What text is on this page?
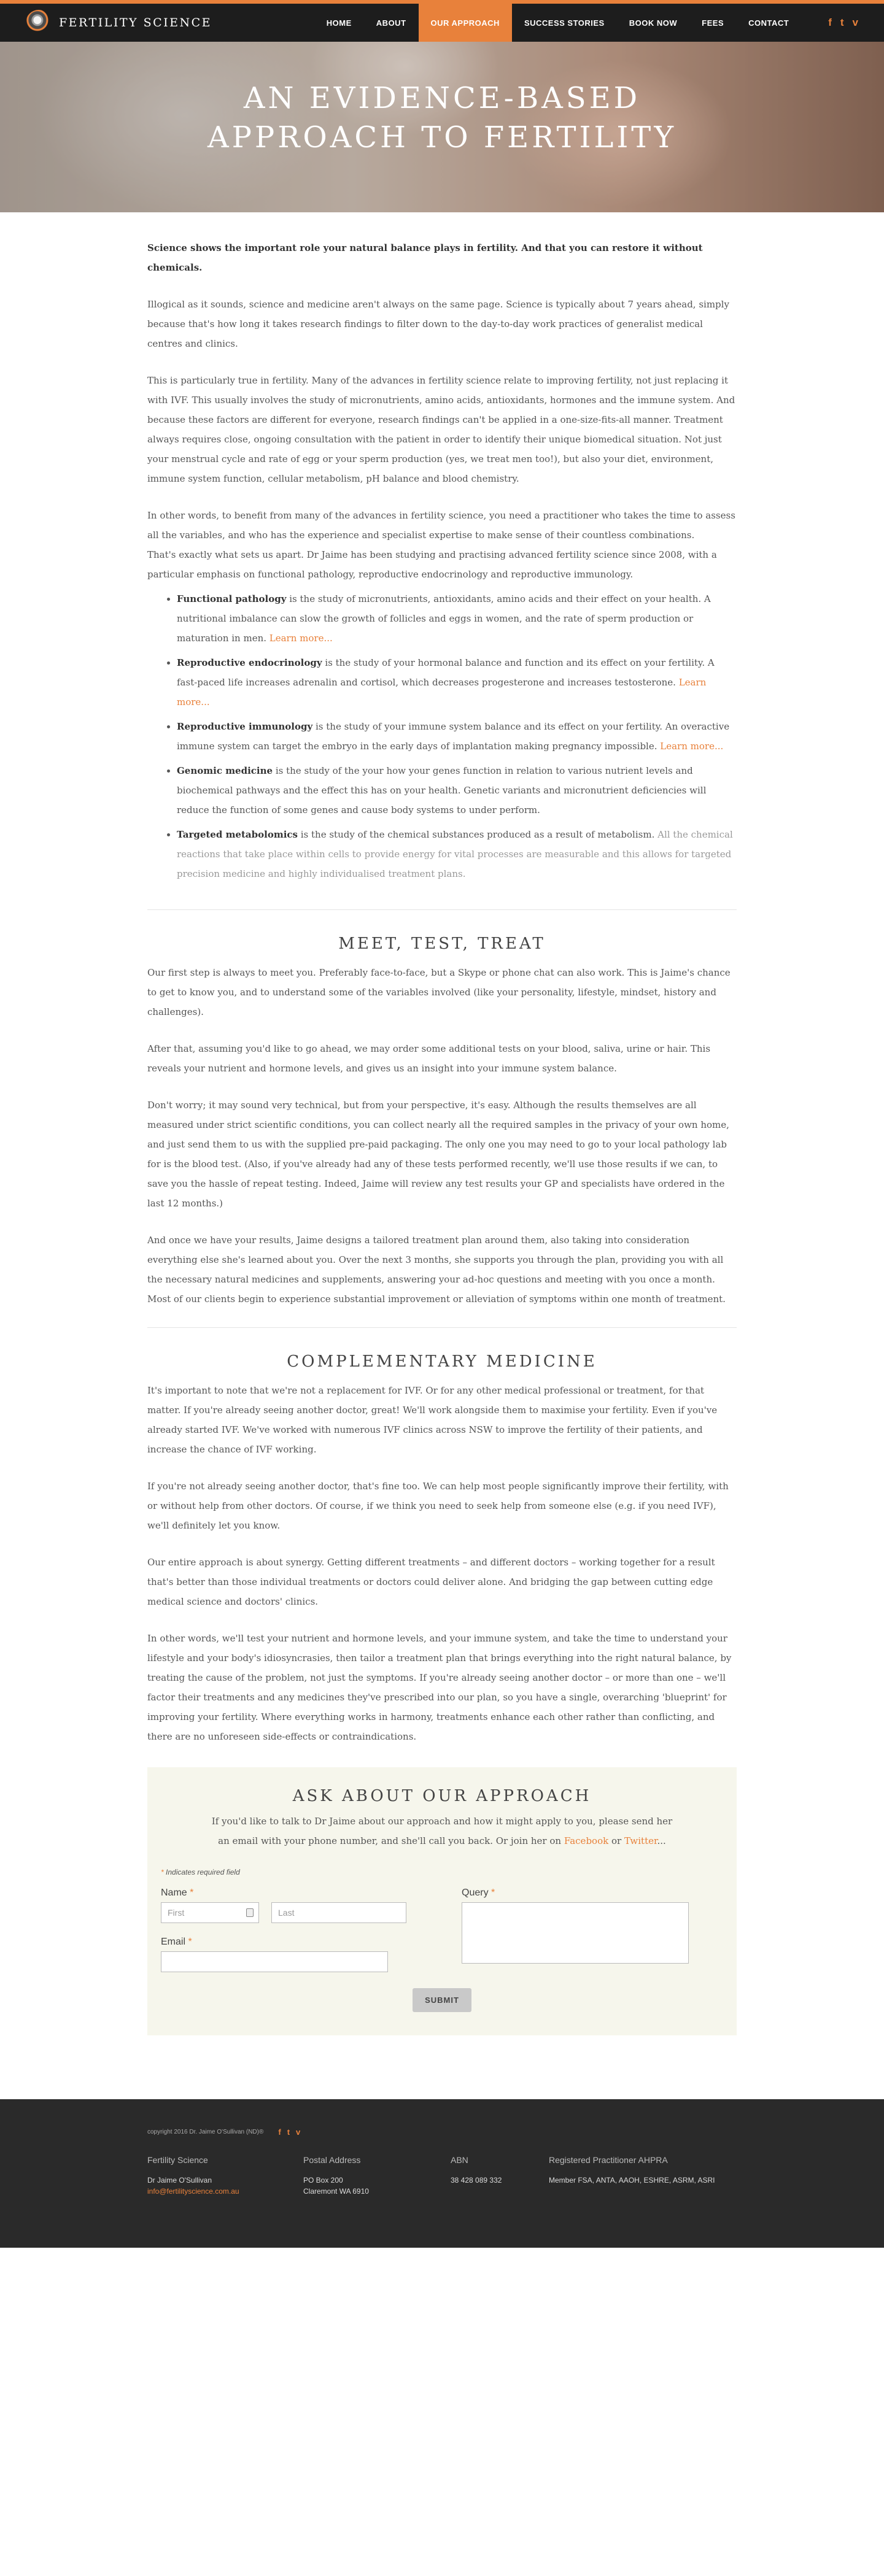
FERTILITY SCIENCE	HOME	ABOUT	OUR APPROACH	SUCCESS STORIES	BOOK NOW	FEES	CONTACT	f t v
AN EVIDENCE-BASED
APPROACH TO FERTILITY

Science shows the important role your natural balance plays in fertility. And that you can restore it without chemicals.

Illogical as it sounds, science and medicine aren't always on the same page. Science is typically about 7 years ahead, simply because that's how long it takes research findings to filter down to the day-to-day work practices of generalist medical centres and clinics.

This is particularly true in fertility. Many of the advances in fertility science relate to improving fertility, not just replacing it with IVF. This usually involves the study of micronutrients, amino acids, antioxidants, hormones and the immune system. And because these factors are different for everyone, research findings can't be applied in a one-size-fits-all manner. Treatment always requires close, ongoing consultation with the patient in order to identify their unique biomedical situation. Not just your menstrual cycle and rate of egg or your sperm production (yes, we treat men too!), but also your diet, environment, immune system function, cellular metabolism, pH balance and blood chemistry.

In other words, to benefit from many of the advances in fertility science, you need a practitioner who takes the time to assess all the variables, and who has the experience and specialist expertise to make sense of their countless combinations.

That's exactly what sets us apart. Dr Jaime has been studying and practising advanced fertility science since 2008, with a particular emphasis on functional pathology, reproductive endocrinology and reproductive immunology.

• Functional pathology is the study of micronutrients, antioxidants, amino acids and their effect on your health. A nutritional imbalance can slow the growth of follicles and eggs in women, and the rate of sperm production or maturation in men. Learn more...
• Reproductive endocrinology is the study of your hormonal balance and function and its effect on your fertility. A fast-paced life increases adrenalin and cortisol, which decreases progesterone and increases testosterone. Learn more...
• Reproductive immunology is the study of your immune system balance and its effect on your fertility. An overactive immune system can target the embryo in the early days of implantation making pregnancy impossible. Learn more...
• Genomic medicine is the study of the your how your genes function in relation to various nutrient levels and biochemical pathways and the effect this has on your health. Genetic variants and micronutrient deficiencies will reduce the function of some genes and cause body systems to under perform.
• Targeted metabolomics is the study of the chemical substances produced as a result of metabolism. All the chemical reactions that take place within cells to provide energy for vital processes are measurable and this allows for targeted precision medicine and highly individualised treatment plans.
MEET, TEST, TREAT

Our first step is always to meet you. Preferably face-to-face, but a Skype or phone chat can also work. This is Jaime's chance to get to know you, and to understand some of the variables involved (like your personality, lifestyle, mindset, history and challenges).

After that, assuming you'd like to go ahead, we may order some additional tests on your blood, saliva, urine or hair. This reveals your nutrient and hormone levels, and gives us an insight into your immune system balance.

Don't worry; it may sound very technical, but from your perspective, it's easy. Although the results themselves are all measured under strict scientific conditions, you can collect nearly all the required samples in the privacy of your own home, and just send them to us with the supplied pre-paid packaging. The only one you may need to go to your local pathology lab for is the blood test. (Also, if you've already had any of these tests performed recently, we'll use those results if we can, to save you the hassle of repeat testing. Indeed, Jaime will review any test results your GP and specialists have ordered in the last 12 months.)

And once we have your results, Jaime designs a tailored treatment plan around them, also taking into consideration everything else she's learned about you. Over the next 3 months, she supports you through the plan, providing you with all the necessary natural medicines and supplements, answering your ad-hoc questions and meeting with you once a month.

Most of our clients begin to experience substantial improvement or alleviation of symptoms within one month of treatment.

COMPLEMENTARY MEDICINE

It's important to note that we're not a replacement for IVF. Or for any other medical professional or treatment, for that matter. If you're already seeing another doctor, great! We'll work alongside them to maximise your fertility. Even if you've already started IVF. We've worked with numerous IVF clinics across NSW to improve the fertility of their patients, and increase the chance of IVF working.

If you're not already seeing another doctor, that's fine too. We can help most people significantly improve their fertility, with or without help from other doctors. Of course, if we think you need to seek help from someone else (e.g. if you need IVF), we'll definitely let you know.

Our entire approach is about synergy. Getting different treatments – and different doctors – working together for a result that's better than those individual treatments or doctors could deliver alone. And bridging the gap between cutting edge medical science and doctors' clinics.

In other words, we'll test your nutrient and hormone levels, and your immune system, and take the time to understand your lifestyle and your body's idiosyncrasies, then tailor a treatment plan that brings everything into the right natural balance, by treating the cause of the problem, not just the symptoms. If you're already seeing another doctor – or more than one – we'll factor their treatments and any medicines they've prescribed into our plan, so you have a single, overarching 'blueprint' for improving your fertility. Where everything works in harmony, treatments enhance each other rather than conflicting, and there are no unforeseen side-effects or contraindications.

ASK ABOUT OUR APPROACH

If you'd like to talk to Dr Jaime about our approach and how it might apply to you, please send her an email with your phone number, and she'll call you back. Or join her on Facebook or Twitter...

* Indicates required field
Name *
First	Last
Email *
Query *
SUBMIT
copyright 2016 Dr. Jaime O'Sullivan (ND)® f t v
Fertility Science
Dr Jaime O'Sullivan
info@fertilityscience.com.au
Postal Address
PO Box 200
Claremont WA 6910
ABN
38 428 089 332
Registered Practitioner AHPRA
Member FSA, ANTA, AAOH, ESHRE, ASRM, ASRI
